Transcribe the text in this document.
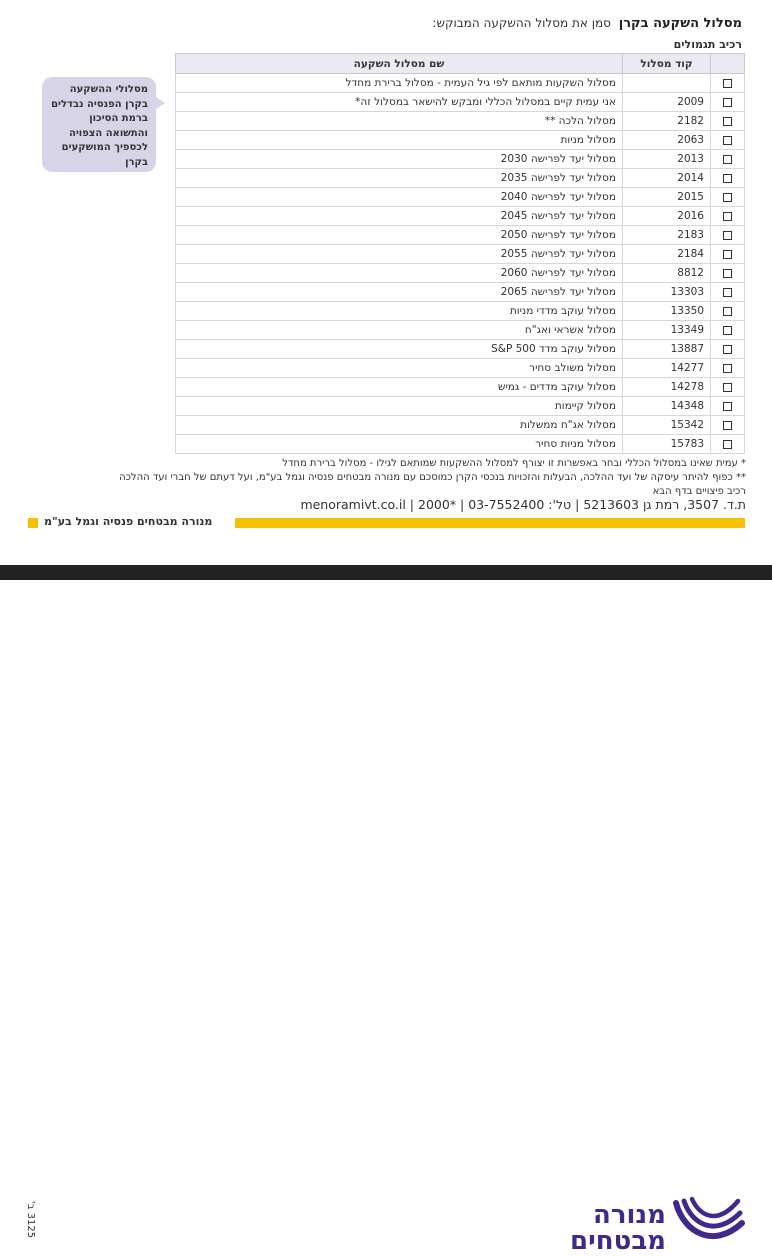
מסלול השקעה בקרן סמן את מסלול ההשקעה המבוקש:
רכיב תגמולים
	קוד מסלול	שם מסלול השקעה
		מסלול השקעות מותאם לפי גיל העמית - מסלול ברירת מחדל
	2009	אני עמית קיים במסלול הכללי ומבקש להישאר במסלול זה*
	2182	מסלול הלכה **
	2063	מסלול מניות
	2013	מסלול יעד לפרישה 2030
	2014	מסלול יעד לפרישה 2035
	2015	מסלול יעד לפרישה 2040
	2016	מסלול יעד לפרישה 2045
	2183	מסלול יעד לפרישה 2050
	2184	מסלול יעד לפרישה 2055
	8812	מסלול יעד לפרישה 2060
	13303	מסלול יעד לפרישה 2065
	13350	מסלול עוקב מדדי מניות
	13349	מסלול אשראי ואג"ח
	13887	מסלול עוקב מדד S&P 500
	14277	מסלול משולב סחיר
	14278	מסלול עוקב מדדים - גמיש
	14348	מסלול קיימות
	15342	מסלול אג"ח ממשלות
	15783	מסלול מניות סחיר
מסלולי ההשקעה בקרן הפנסיה נבדלים ברמת הסיכון והתשואה הצפויה לכספיך המושקעים בקרן
* עמית שאינו במסלול הכללי ובחר באפשרות זו יצורף למסלול ההשקעות שמותאם לגילו - מסלול ברירת מחדל
** כפוף להיתר עיסקה של ועד ההלכה, הבעלות והזכויות בנכסי הקרן כמוסכם עם מנורה מבטחים פנסיה וגמל בע"מ, ועל דעתם של חברי ועד ההלכה
רכיב פיצויים בדף הבא
ת.ד. 3507, רמת גן 5213603 | טל': 03-7552400 | *2000 | menoramivt.co.il
מנורה מבטחים פנסיה וגמל בע"מ
3125 ב'	מנורה
מבטחים
